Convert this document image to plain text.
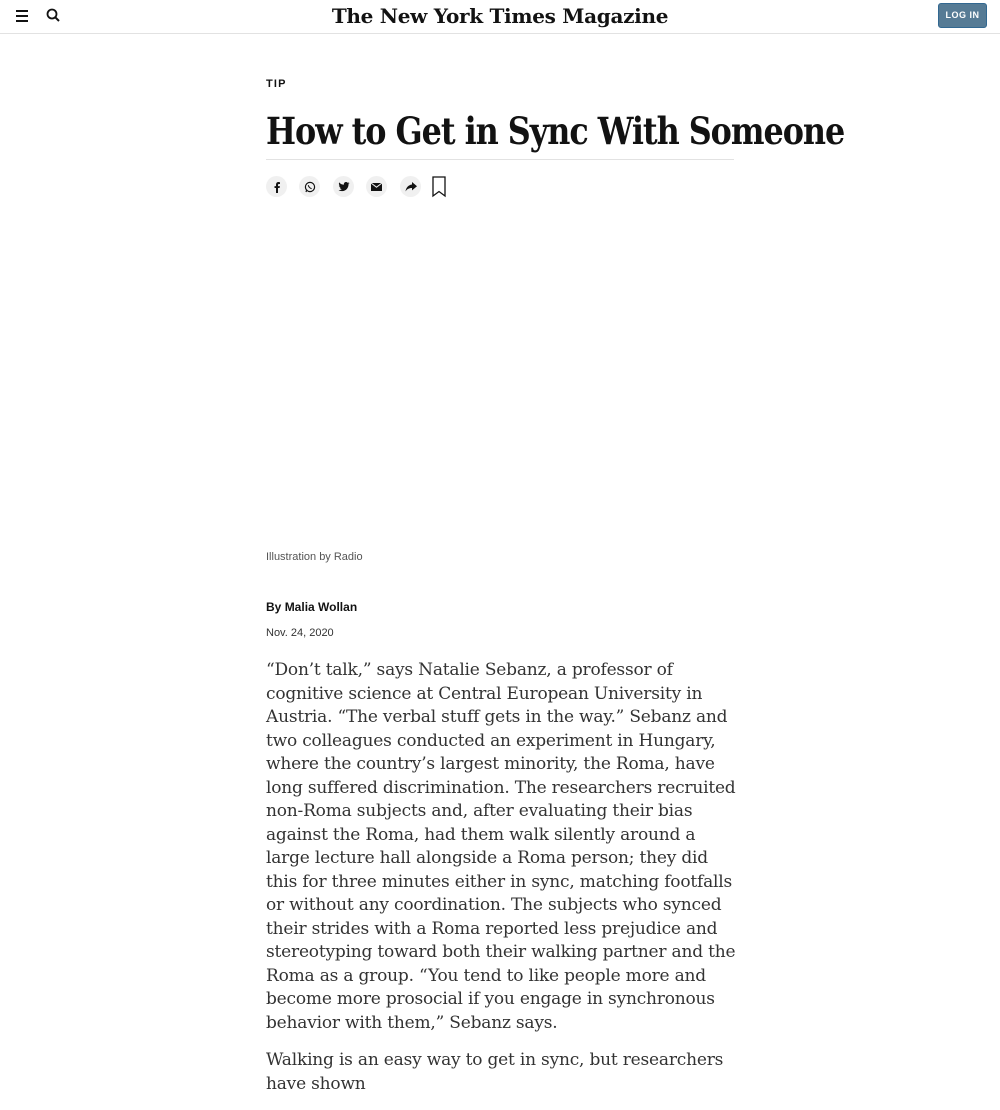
The New York Times Magazine	LOG IN
TIP
How to Get in Sync With Someone
Illustration by Radio
By Malia Wollan
Nov. 24, 2020

“Don’t talk,” says Natalie Sebanz, a professor of cognitive science at Central European University in Austria. “The verbal stuff gets in the way.” Sebanz and two colleagues conducted an experiment in Hungary, where the country’s largest minority, the Roma, have long suffered discrimination. The researchers recruited non-Roma subjects and, after evaluating their bias against the Roma, had them walk silently around a large lecture hall alongside a Roma person; they did this for three minutes either in sync, matching footfalls or without any coordination. The subjects who synced their strides with a Roma reported less prejudice and stereotyping toward both their walking partner and the Roma as a group. “You tend to like people more and become more prosocial if you engage in synchronous behavior with them,” Sebanz says.

Walking is an easy way to get in sync, but researchers have shown
